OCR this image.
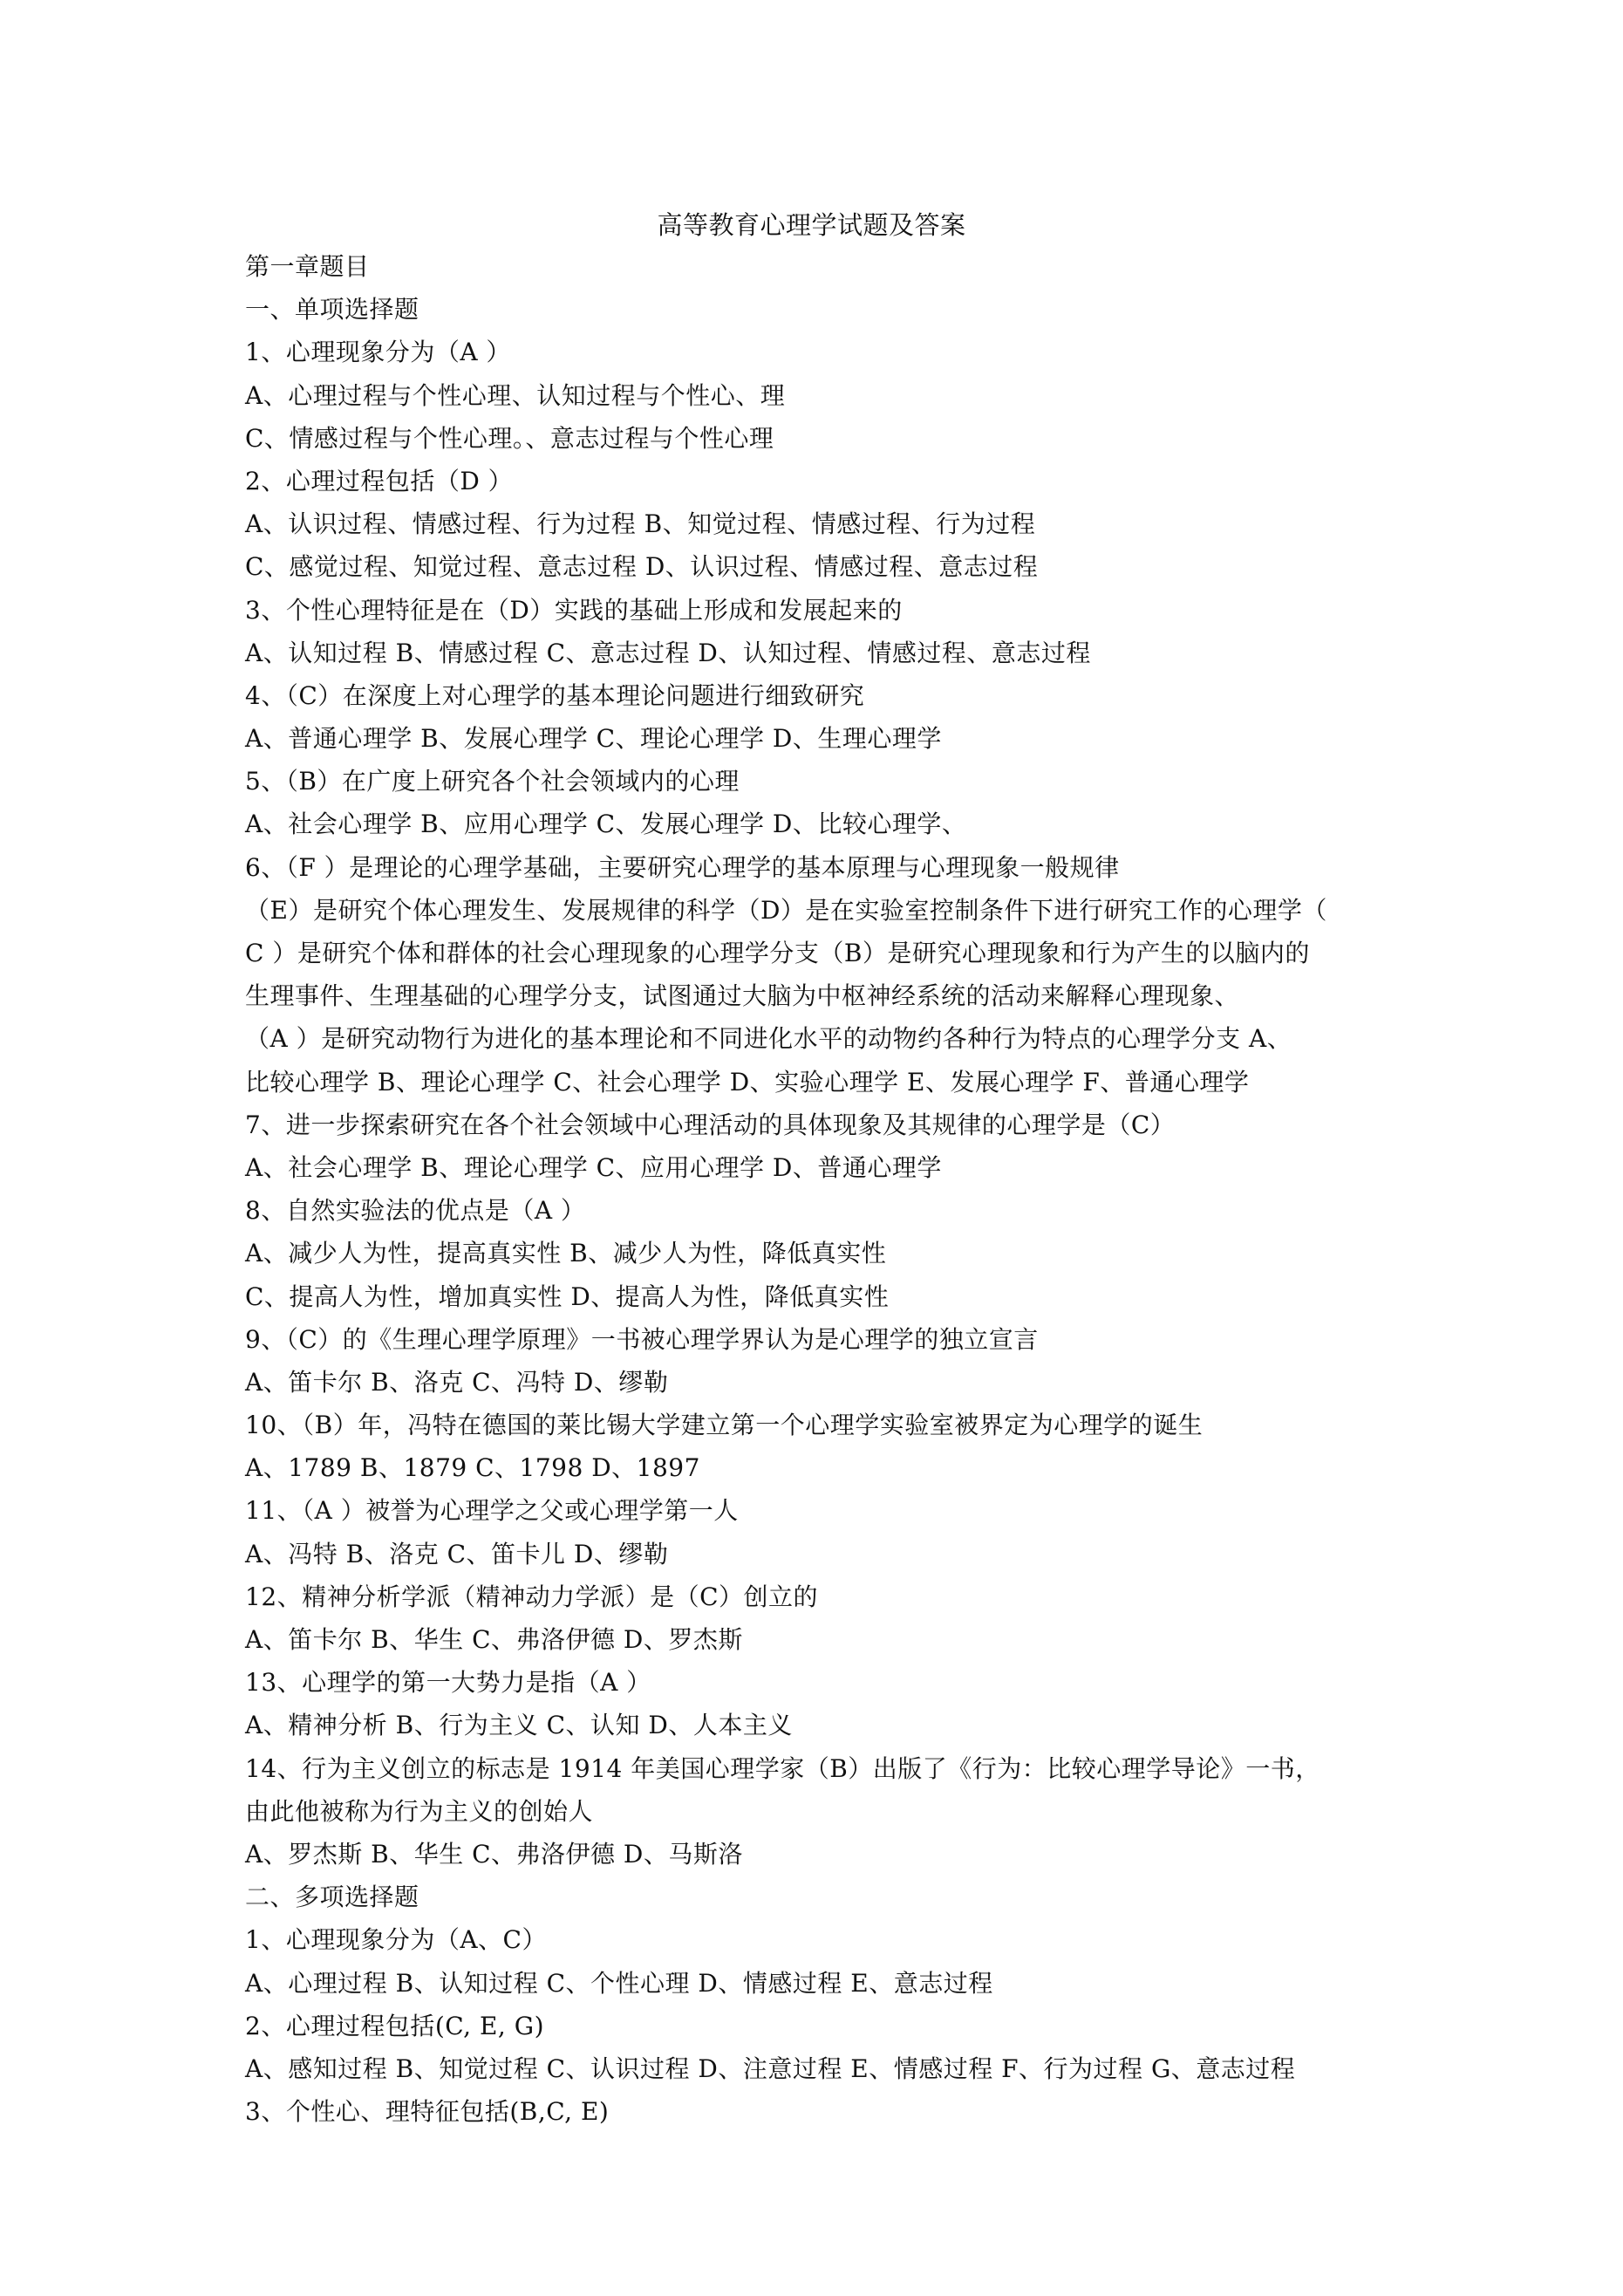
高等教育心理学试题及答案
第一章题目
一、单项选择题
1、心理现象分为（A ）
A、心理过程与个性心理、认知过程与个性心、理
C、情感过程与个性心理。、意志过程与个性心理
2、心理过程包括（D ）
A、认识过程、情感过程、行为过程 B、知觉过程、情感过程、行为过程
C、感觉过程、知觉过程、意志过程 D、认识过程、情感过程、意志过程
3、个性心理特征是在（D）实践的基础上形成和发展起来的
A、认知过程 B、情感过程 C、意志过程 D、认知过程、情感过程、意志过程
4、（C）在深度上对心理学的基本理论问题进行细致研究
A、普通心理学 B、发展心理学 C、理论心理学 D、生理心理学
5、（B）在广度上研究各个社会领域内的心理
A、社会心理学 B、应用心理学 C、发展心理学 D、比较心理学、
6、（F ）是理论的心理学基础，主要研究心理学的基本原理与心理现象一般规律
（E）是研究个体心理发生、发展规律的科学（D）是在实验室控制条件下进行研究工作的心理学（
C ）是研究个体和群体的社会心理现象的心理学分支（B）是研究心理现象和行为产生的以脑内的
生理事件、生理基础的心理学分支，试图通过大脑为中枢神经系统的活动来解释心理现象、
（A ）是研究动物行为进化的基本理论和不同进化水平的动物约各种行为特点的心理学分支 A、
比较心理学 B、理论心理学 C、社会心理学 D、实验心理学 E、发展心理学 F、普通心理学
7、进一步探索研究在各个社会领域中心理活动的具体现象及其规律的心理学是（C）
A、社会心理学 B、理论心理学 C、应用心理学 D、普通心理学
8、自然实验法的优点是（A ）
A、减少人为性，提高真实性 B、减少人为性，降低真实性
C、提高人为性，增加真实性 D、提高人为性，降低真实性
9、（C）的《生理心理学原理》一书被心理学界认为是心理学的独立宣言
A、笛卡尔 B、洛克 C、冯特 D、缪勒
10、（B）年，冯特在德国的莱比锡大学建立第一个心理学实验室被界定为心理学的诞生
A、1789 B、1879 C、1798 D、1897
11、（A ）被誉为心理学之父或心理学第一人
A、冯特 B、洛克 C、笛卡儿 D、缪勒
12、精神分析学派（精神动力学派）是（C）创立的
A、笛卡尔 B、华生 C、弗洛伊德 D、罗杰斯
13、心理学的第一大势力是指（A ）
A、精神分析 B、行为主义 C、认知 D、人本主义
14、行为主义创立的标志是 1914 年美国心理学家（B）出版了《行为：比较心理学导论》一书，
由此他被称为行为主义的创始人
A、罗杰斯 B、华生 C、弗洛伊德 D、马斯洛
二、多项选择题
1、心理现象分为（A、C）
A、心理过程 B、认知过程 C、个性心理 D、情感过程 E、意志过程
2、心理过程包括(C, E, G)
A、感知过程 B、知觉过程 C、认识过程 D、注意过程 E、情感过程 F、行为过程 G、意志过程
3、个性心、理特征包括(B,C, E)
